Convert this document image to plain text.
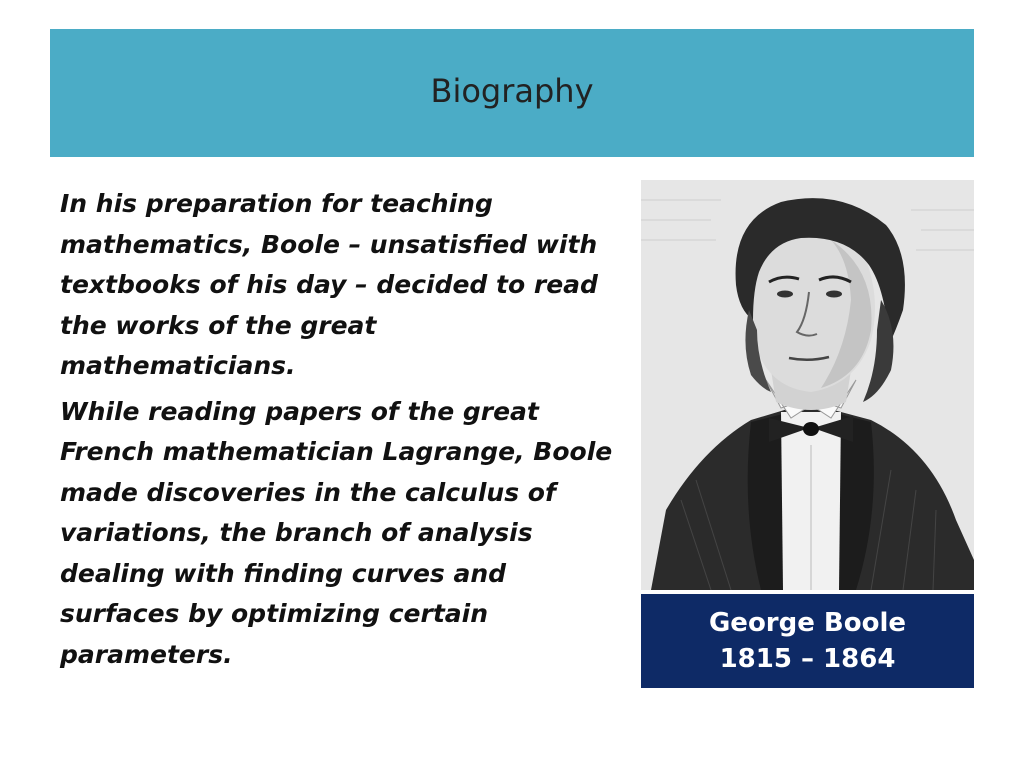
Biography

In his preparation for teaching mathematics, Boole – unsatisfied with textbooks of his day – decided to read the works of the great mathematicians.

While reading papers of the great French mathematician Lagrange, Boole made discoveries in the calculus of variations, the branch of analysis dealing with finding curves and surfaces by optimizing certain parameters.

George Boole
1815 – 1864
